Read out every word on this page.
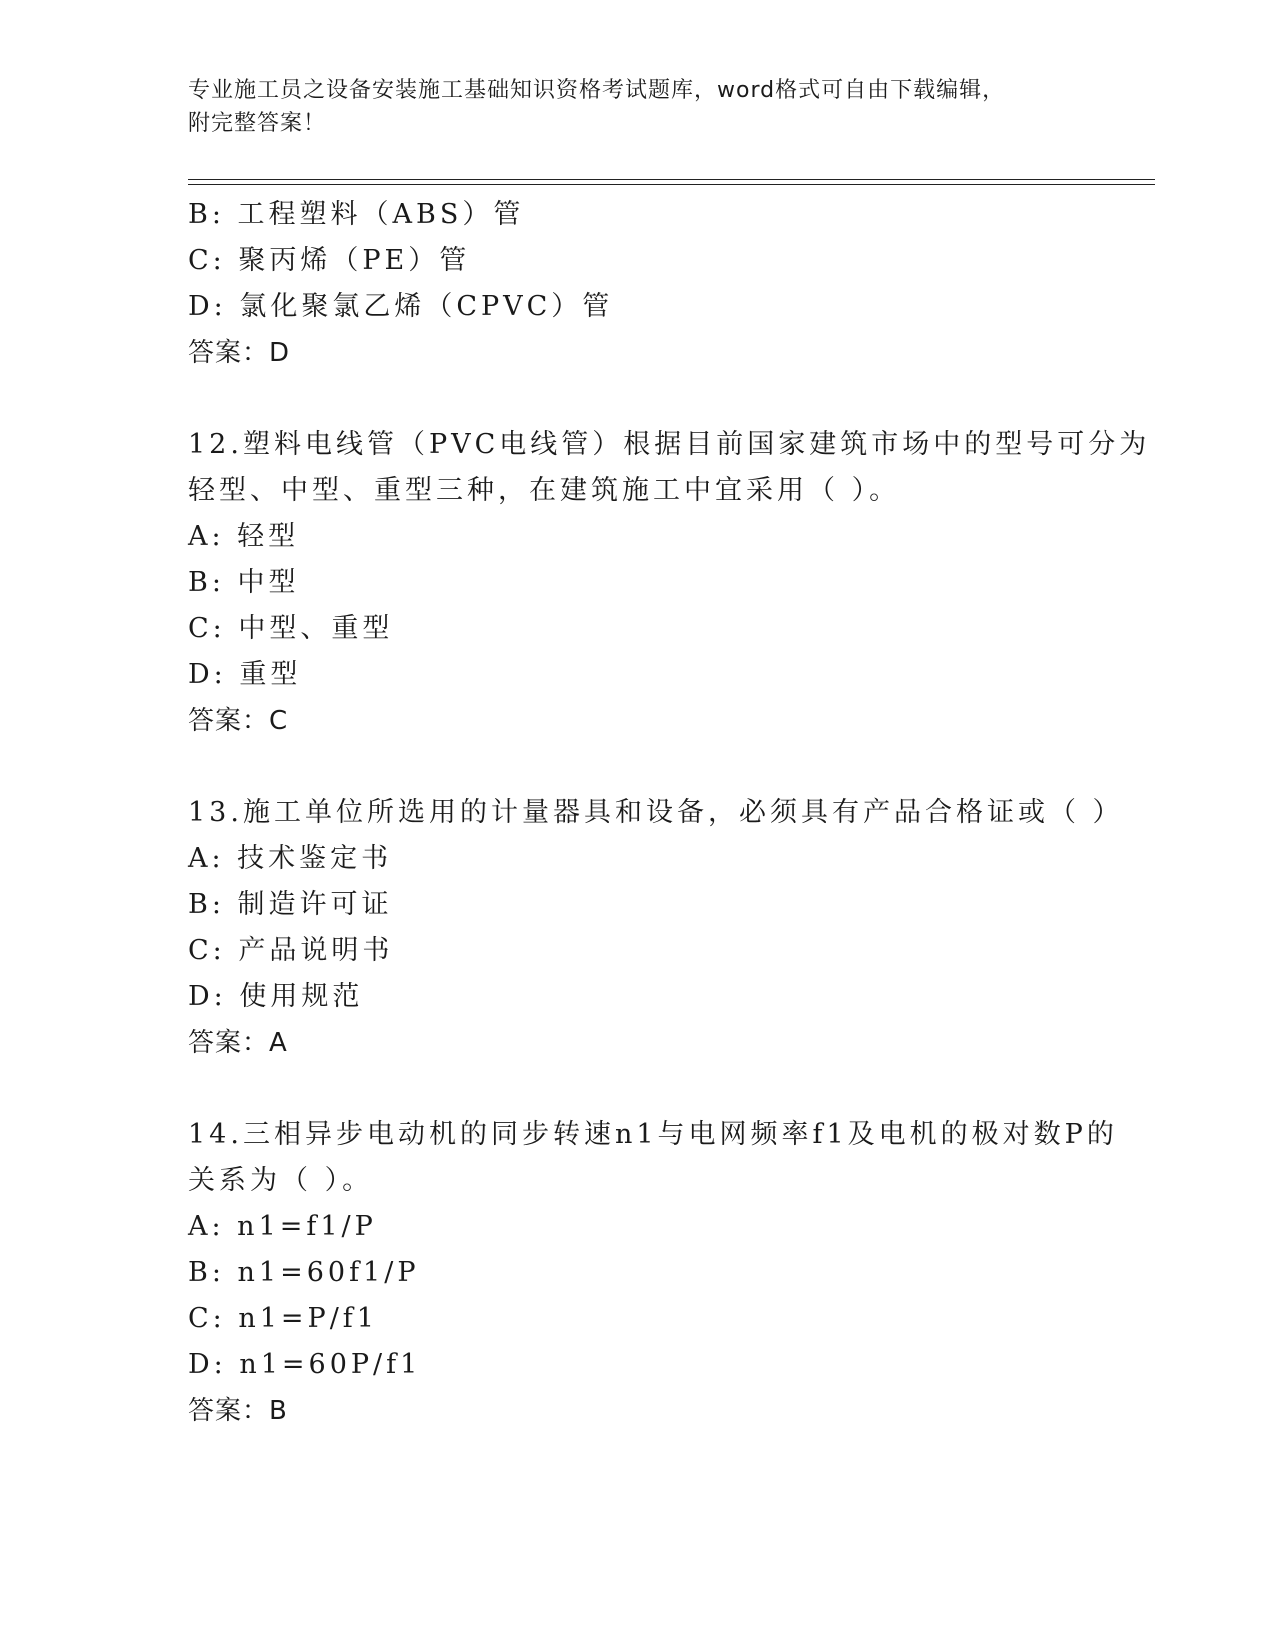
专业施工员之设备安装施工基础知识资格考试题库，word格式可自由下载编辑，
附完整答案！
B: 工程塑料（ABS）管
C: 聚丙烯（PE）管
D: 氯化聚氯乙烯（CPVC）管
答案：D
12.塑料电线管（PVC电线管）根据目前国家建筑市场中的型号可分为
轻型、中型、重型三种，在建筑施工中宜采用（ ）。
A: 轻型
B: 中型
C: 中型、重型
D: 重型
答案：C
13.施工单位所选用的计量器具和设备，必须具有产品合格证或（ ）
A: 技术鉴定书
B: 制造许可证
C: 产品说明书
D: 使用规范
答案：A
14.三相异步电动机的同步转速n1与电网频率f1及电机的极对数P的
关系为（ ）。
A: n1=f1/P
B: n1=60f1/P
C: n1=P/f1
D: n1=60P/f1
答案：B
